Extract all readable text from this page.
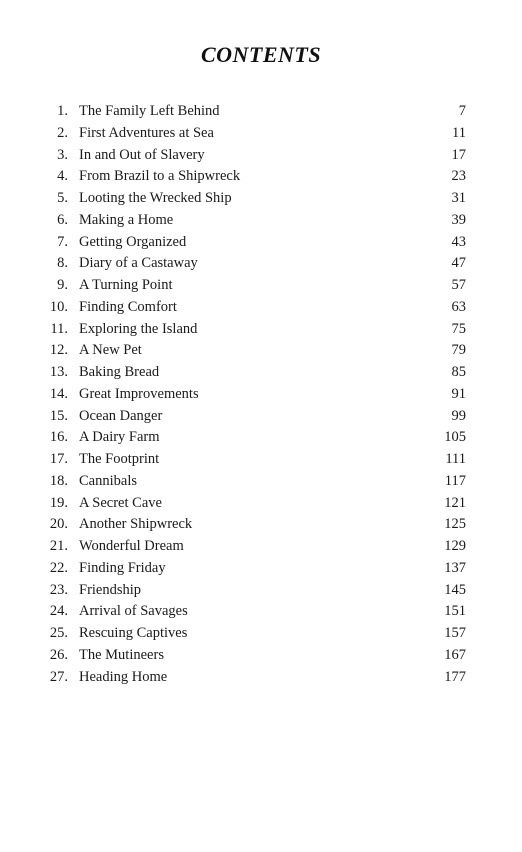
CONTENTS
1. The Family Left Behind	7
2. First Adventures at Sea	11
3. In and Out of Slavery	17
4. From Brazil to a Shipwreck	23
5. Looting the Wrecked Ship	31
6. Making a Home	39
7. Getting Organized	43
8. Diary of a Castaway	47
9. A Turning Point	57
10. Finding Comfort	63
11. Exploring the Island	75
12. A New Pet	79
13. Baking Bread	85
14. Great Improvements	91
15. Ocean Danger	99
16. A Dairy Farm	105
17. The Footprint	111
18. Cannibals	117
19. A Secret Cave	121
20. Another Shipwreck	125
21. Wonderful Dream	129
22. Finding Friday	137
23. Friendship	145
24. Arrival of Savages	151
25. Rescuing Captives	157
26. The Mutineers	167
27. Heading Home	177
